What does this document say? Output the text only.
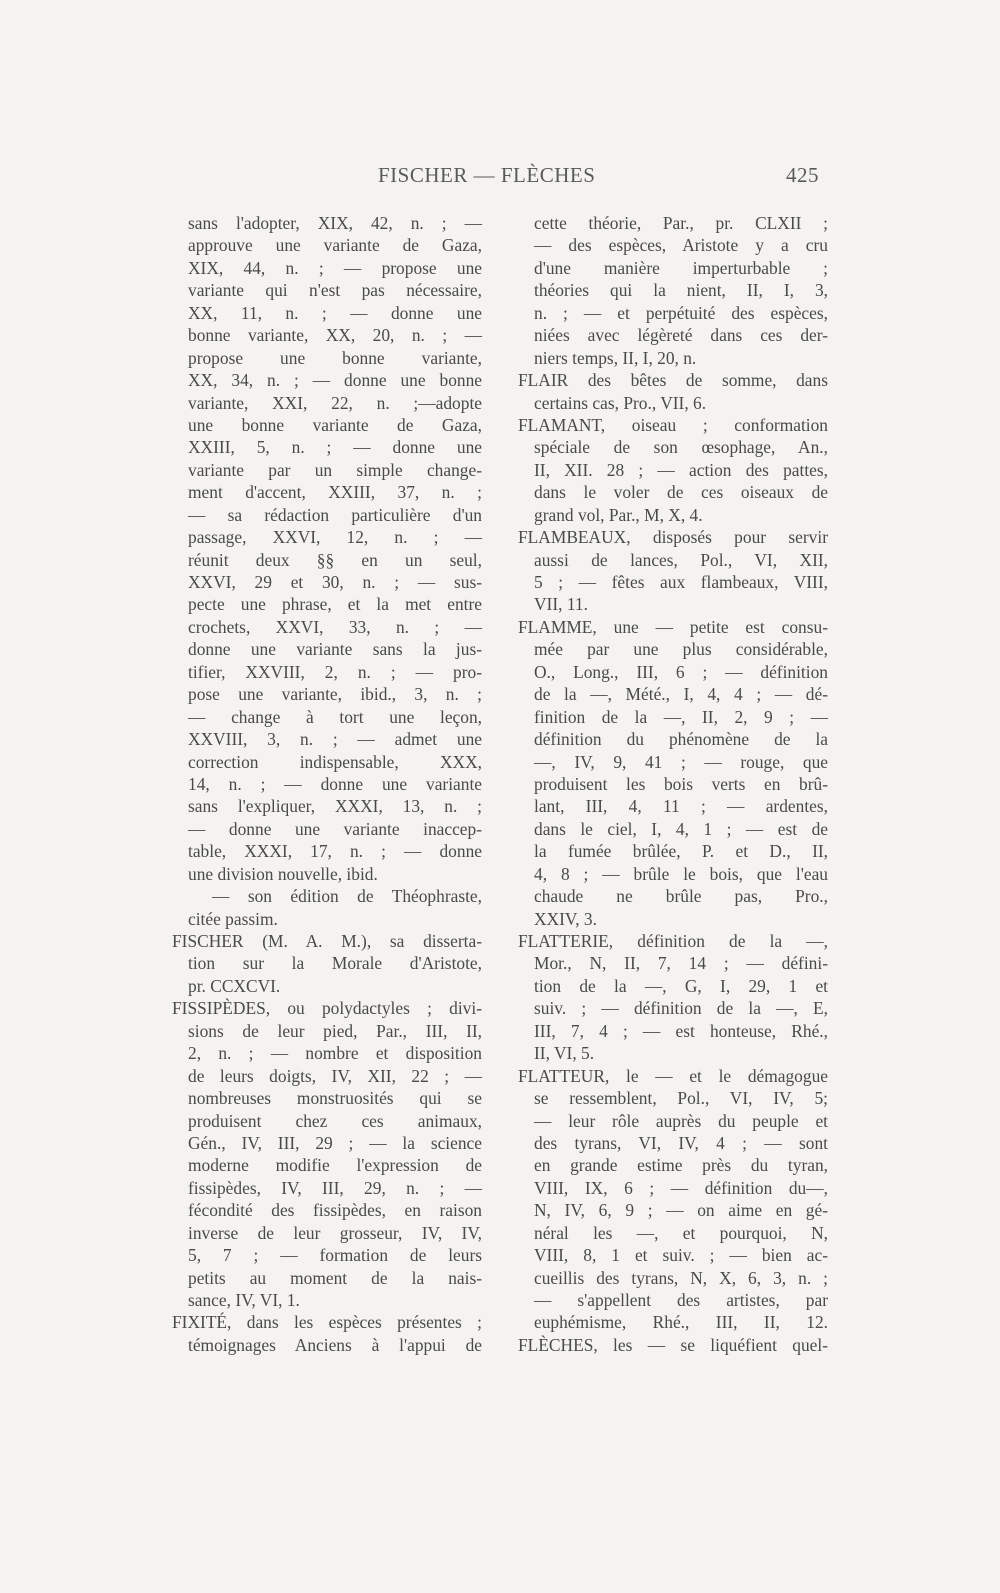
FISCHER — FLÈCHES	425
sans l'adopter, XIX, 42, n. ; —
approuve une variante de Gaza,
XIX, 44, n. ; — propose une
variante qui n'est pas nécessaire,
XX, 11, n. ; — donne une
bonne variante, XX, 20, n. ; —
propose une bonne variante,
XX, 34, n. ; — donne une bonne
variante, XXI, 22, n. ;—adopte
une bonne variante de Gaza,
XXIII, 5, n. ; — donne une
variante par un simple change-
ment d'accent, XXIII, 37, n. ;
— sa rédaction particulière d'un
passage, XXVI, 12, n. ; —
réunit deux §§ en un seul,
XXVI, 29 et 30, n. ; — sus-
pecte une phrase, et la met entre
crochets, XXVI, 33, n. ; —
donne une variante sans la jus-
tifier, XXVIII, 2, n. ; — pro-
pose une variante, ibid., 3, n. ;
— change à tort une leçon,
XXVIII, 3, n. ; — admet une
correction indispensable, XXX,
14, n. ; — donne une variante
sans l'expliquer, XXXI, 13, n. ;
— donne une variante inaccep-
table, XXXI, 17, n. ; — donne
une division nouvelle, ibid.
— son édition de Théophraste,
citée passim.
FISCHER (M. A. M.), sa disserta-
tion sur la Morale d'Aristote,
pr. CCXCVI.
FISSIPÈDES, ou polydactyles ; divi-
sions de leur pied, Par., III, II,
2, n. ; — nombre et disposition
de leurs doigts, IV, XII, 22 ; —
nombreuses monstruosités qui se
produisent chez ces animaux,
Gén., IV, III, 29 ; — la science
moderne modifie l'expression de
fissipèdes, IV, III, 29, n. ; —
fécondité des fissipèdes, en raison
inverse de leur grosseur, IV, IV,
5, 7 ; — formation de leurs
petits au moment de la nais-
sance, IV, VI, 1.
FIXITÉ, dans les espèces présentes ;
témoignages Anciens à l'appui de
cette théorie, Par., pr. CLXII ;
— des espèces, Aristote y a cru
d'une manière imperturbable ;
théories qui la nient, II, I, 3,
n. ; — et perpétuité des espèces,
niées avec légèreté dans ces der-
niers temps, II, I, 20, n.
FLAIR des bêtes de somme, dans
certains cas, Pro., VII, 6.
FLAMANT, oiseau ; conformation
spéciale de son œsophage, An.,
II, XII. 28 ; — action des pattes,
dans le voler de ces oiseaux de
grand vol, Par., M, X, 4.
FLAMBEAUX, disposés pour servir
aussi de lances, Pol., VI, XII,
5 ; — fêtes aux flambeaux, VIII,
VII, 11.
FLAMME, une — petite est consu-
mée par une plus considérable,
O., Long., III, 6 ; — définition
de la —, Mété., I, 4, 4 ; — dé-
finition de la —, II, 2, 9 ; —
définition du phénomène de la
—, IV, 9, 41 ; — rouge, que
produisent les bois verts en brû-
lant, III, 4, 11 ; — ardentes,
dans le ciel, I, 4, 1 ; — est de
la fumée brûlée, P. et D., II,
4, 8 ; — brûle le bois, que l'eau
chaude ne brûle pas, Pro.,
XXIV, 3.
FLATTERIE, définition de la —,
Mor., N, II, 7, 14 ; — défini-
tion de la —, G, I, 29, 1 et
suiv. ; — définition de la —, E,
III, 7, 4 ; — est honteuse, Rhé.,
II, VI, 5.
FLATTEUR, le — et le démagogue
se ressemblent, Pol., VI, IV, 5;
— leur rôle auprès du peuple et
des tyrans, VI, IV, 4 ; — sont
en grande estime près du tyran,
VIII, IX, 6 ; — définition du—,
N, IV, 6, 9 ; — on aime en gé-
néral les —, et pourquoi, N,
VIII, 8, 1 et suiv. ; — bien ac-
cueillis des tyrans, N, X, 6, 3, n. ;
— s'appellent des artistes, par
euphémisme, Rhé., III, II, 12.
FLÈCHES, les — se liquéfient quel-
